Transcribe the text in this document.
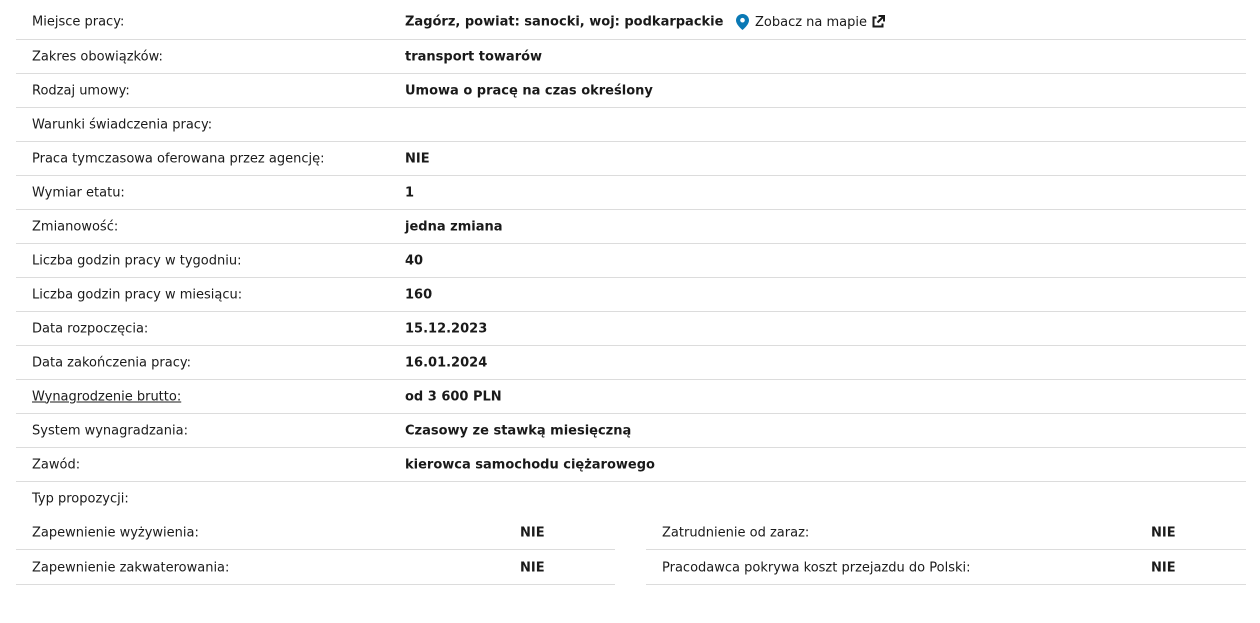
Miejsce pracy:	Zagórz, powiat: sanocki, woj: podkarpackie Zobacz na mapie
Zakres obowiązków:	transport towarów
Rodzaj umowy:	Umowa o pracę na czas określony
Warunki świadczenia pracy:
Praca tymczasowa oferowana przez agencję:	NIE
Wymiar etatu:	1
Zmianowość:	jedna zmiana
Liczba godzin pracy w tygodniu:	40
Liczba godzin pracy w miesiącu:	160
Data rozpoczęcia:	15.12.2023
Data zakończenia pracy:	16.01.2024
Wynagrodzenie brutto:	od 3 600 PLN
System wynagradzania:	Czasowy ze stawką miesięczną
Zawód:	kierowca samochodu ciężarowego
Typ propozycji:
Zapewnienie wyżywienia:	NIE	Zatrudnienie od zaraz:	NIE
Zapewnienie zakwaterowania:	NIE	Pracodawca pokrywa koszt przejazdu do Polski:	NIE
